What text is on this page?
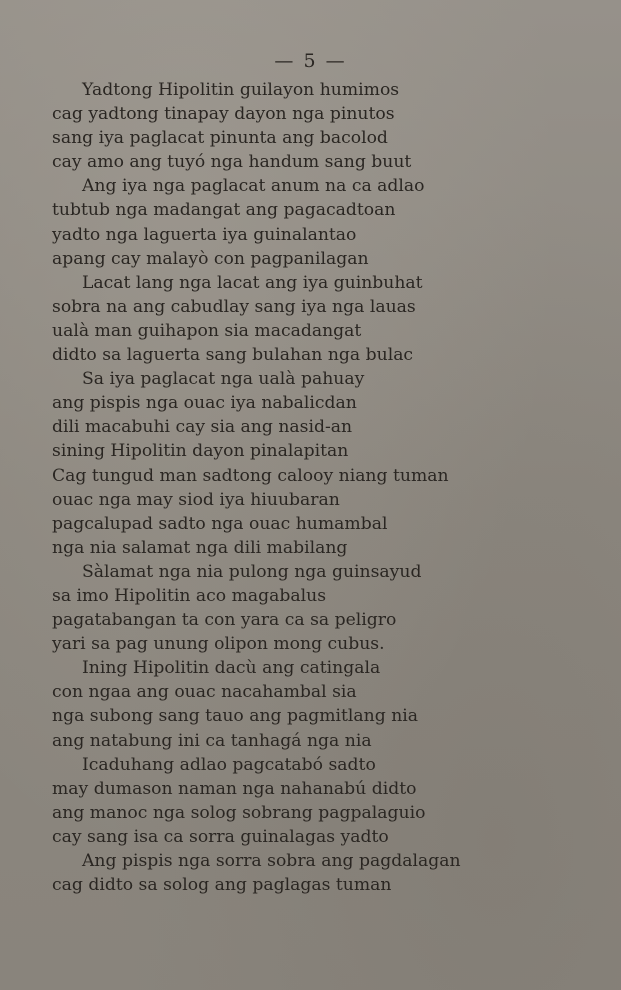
— 5 —
Yadtong Hipolitin guilayon humimos
cag yadtong tinapay dayon nga pinutos
sang iya paglacat pinunta ang bacolod
cay amo ang tuyó nga handum sang buut
Ang iya nga paglacat anum na ca adlao
tubtub nga madangat ang pagacadtoan
yadto nga laguerta iya guinalantao
apang cay malayò con pagpanilagan
Lacat lang nga lacat ang iya guinbuhat
sobra na ang cabudlay sang iya nga lauas
ualà man guihapon sia macadangat
didto sa laguerta sang bulahan nga bulac
Sa iya paglacat nga ualà pahuay
ang pispis nga ouac iya nabalicdan
dili macabuhi cay sia ang nasid-an
sining Hipolitin dayon pinalapitan
Cag tungud man sadtong calooy niang tuman
ouac nga may siod iya hiuubaran
pagcalupad sadto nga ouac humambal
nga nia salamat nga dili mabilang
Sàlamat nga nia pulong nga guinsayud
sa imo Hipolitin aco magabalus
pagatabangan ta con yara ca sa peligro
yari sa pag unung olipon mong cubus.
Ining Hipolitin dacù ang catingala
con ngaa ang ouac nacahambal sia
nga subong sang tauo ang pagmitlang nia
ang natabung ini ca tanhagá nga nia
Icaduhang adlao pagcatabó sadto
may dumason naman nga nahanabú didto
ang manoc nga solog sobrang pagpalaguio
cay sang isa ca sorra guinalagas yadto
Ang pispis nga sorra sobra ang pagdalagan
cag didto sa solog ang paglagas tuman
